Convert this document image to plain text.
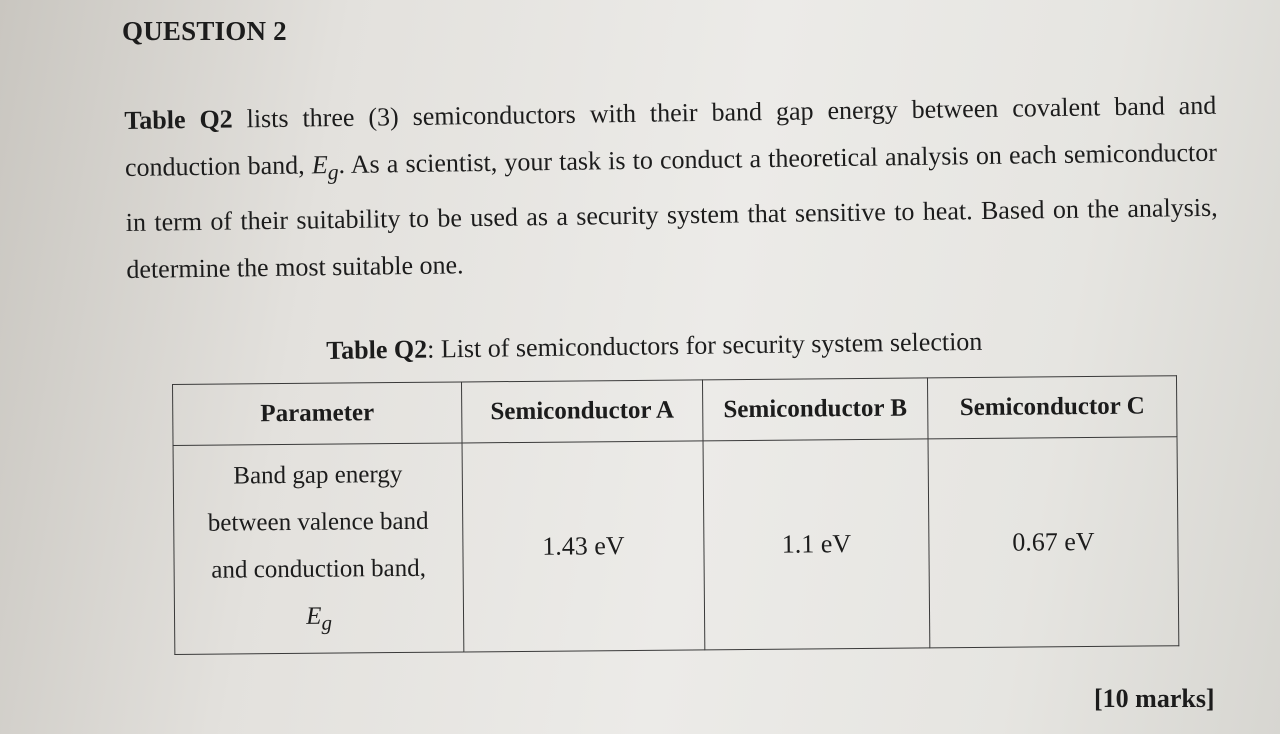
QUESTION 2
Table Q2 lists three (3) semiconductors with their band gap energy between covalent band and conduction band, $E_g$. As a scientist, your task is to conduct a theoretical analysis on each semiconductor in term of their suitability to be used as a security system that sensitive to heat. Based on the analysis, determine the most suitable one.
Table Q2: List of semiconductors for security system selection
Parameter	Semiconductor A	Semiconductor B	Semiconductor C

Band gap energy
between valence band
and conduction band,
$E_g$	1.43 eV	1.1 eV	0.67 eV
[10 marks]
